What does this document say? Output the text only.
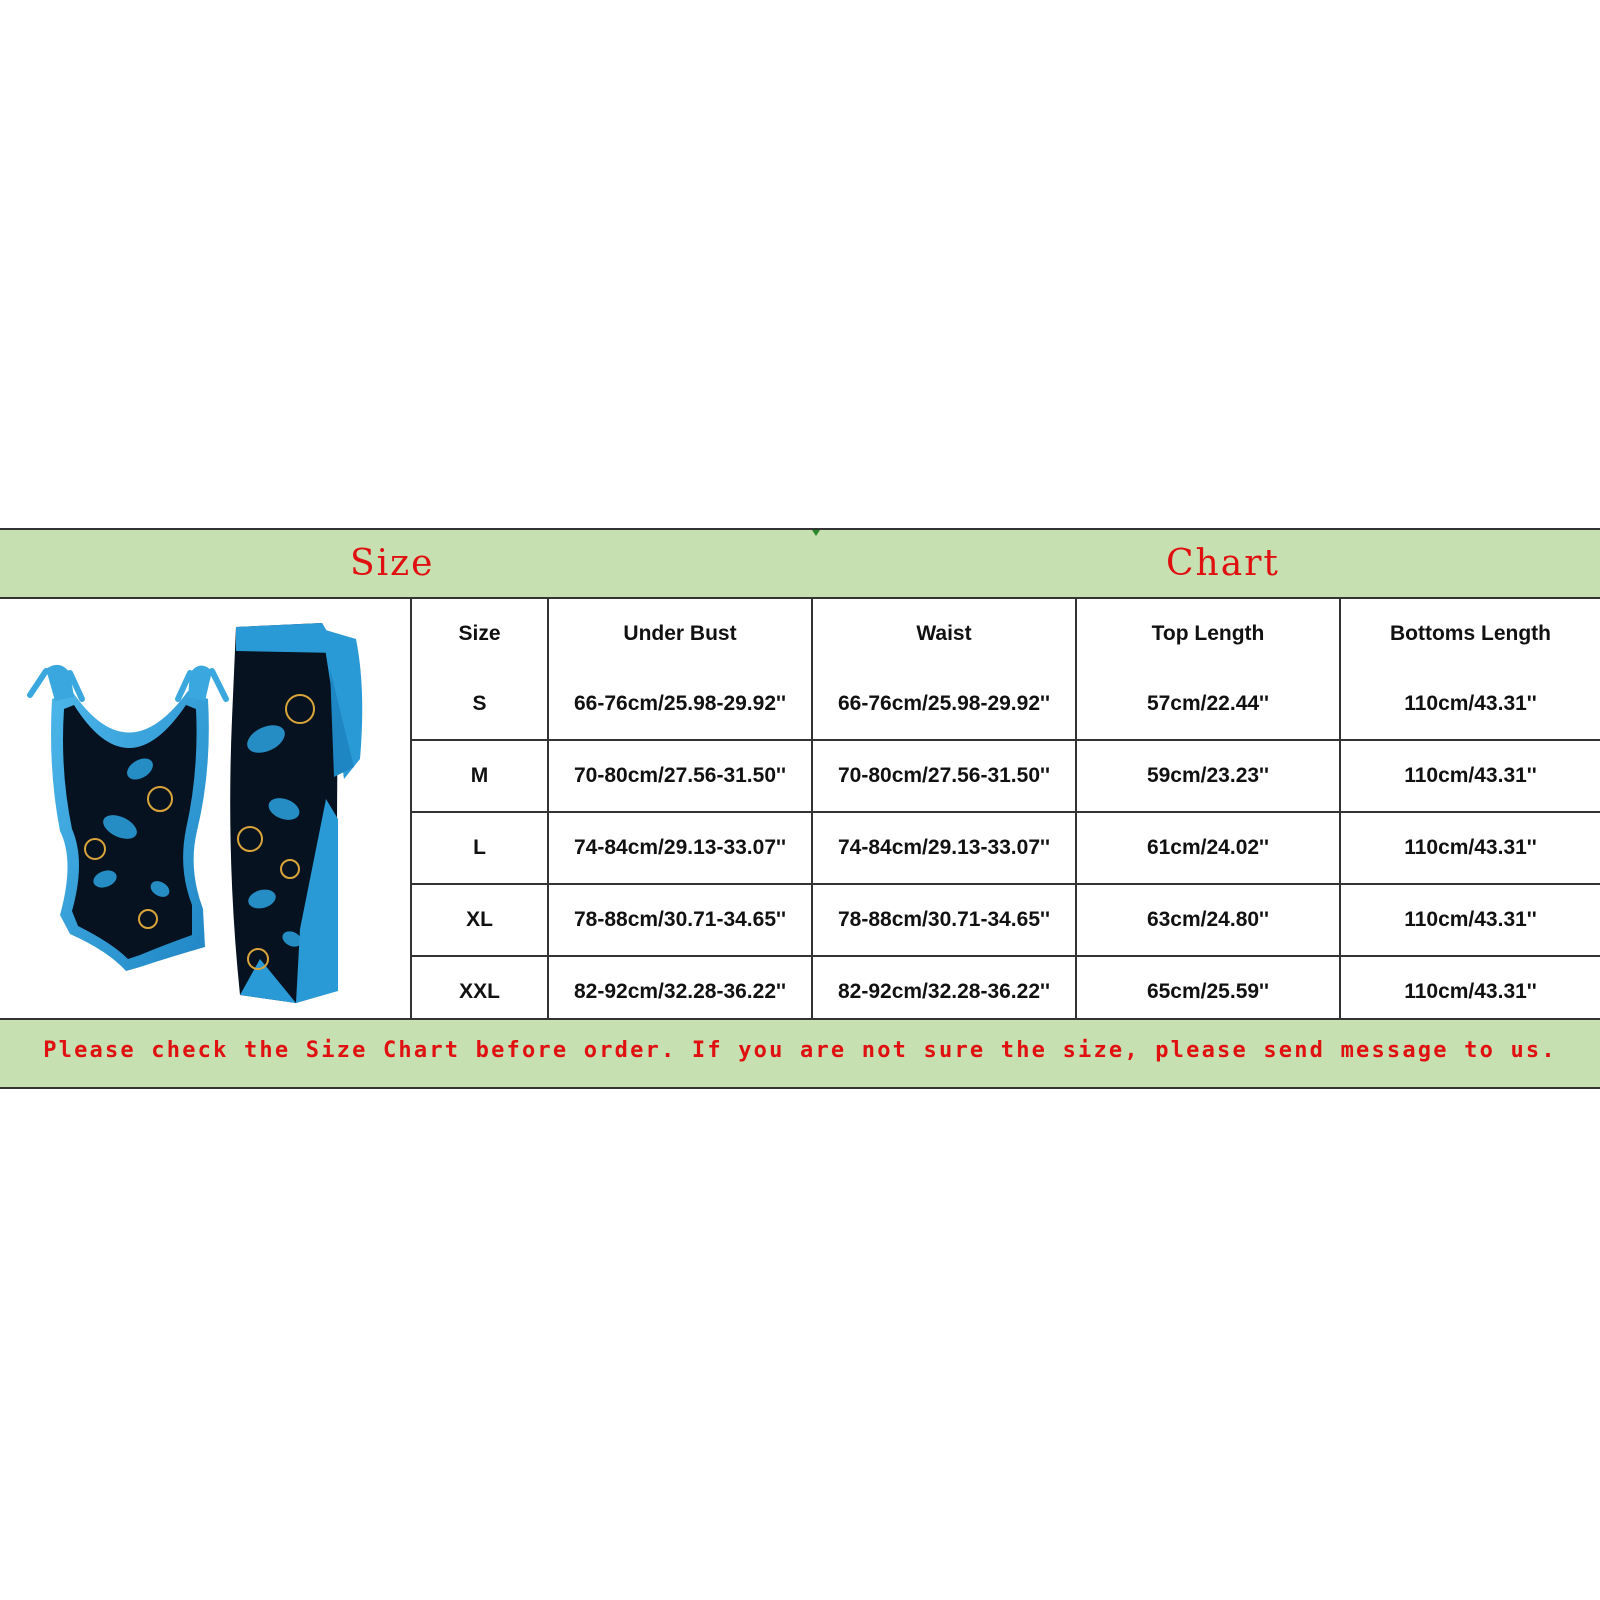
Size	Chart
Size	Under Bust	Waist	Top Length	Bottoms Length
S	66-76cm/25.98-29.92''	66-76cm/25.98-29.92''	57cm/22.44''	110cm/43.31''
M	70-80cm/27.56-31.50''	70-80cm/27.56-31.50''	59cm/23.23''	110cm/43.31''
L	74-84cm/29.13-33.07''	74-84cm/29.13-33.07''	61cm/24.02''	110cm/43.31''
XL	78-88cm/30.71-34.65''	78-88cm/30.71-34.65''	63cm/24.80''	110cm/43.31''
XXL	82-92cm/32.28-36.22''	82-92cm/32.28-36.22''	65cm/25.59''	110cm/43.31''
Please check the Size Chart before order. If you are not sure the size, please send message to us.
